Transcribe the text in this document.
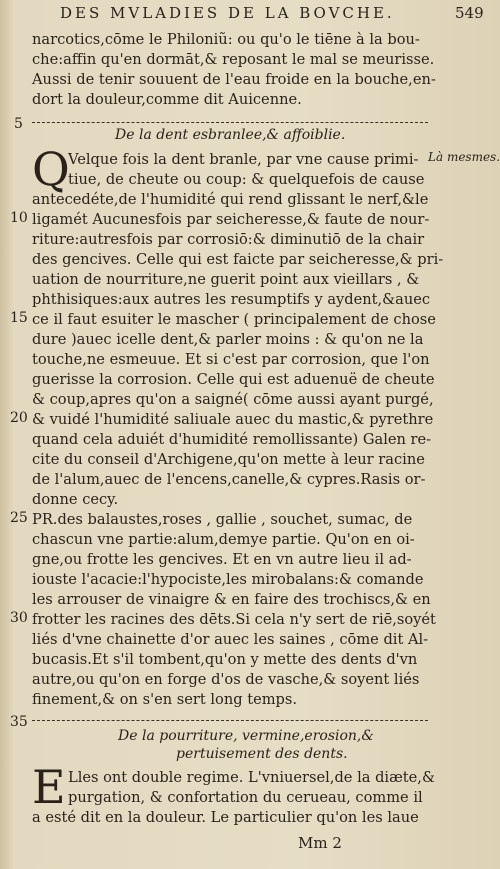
DES MVLADIES DE LA BOVCHE.	549
narcotics,cōme le Philoniũ: ou qu'o le tiēne à la bou-
che:affin qu'en dormāt,& reposant le mal se meurisse.
Aussi de tenir souuent de l'eau froide en la bouche,en-
dort la douleur,comme dit Auicenne.
5
De la dent esbranlee,& affoiblie.
Là mesmes.
Q
Velque fois la dent branle, par vne cause primi-
tiue, de cheute ou coup: & quelquefois de cause
antecedéte,de l'humidité qui rend glissant le nerf,&le
10 ligamét Aucunesfois par seicheresse,& faute de nour-
riture:autresfois par corrosiō:& diminutiō de la chair
des gencives. Celle qui est faicte par seicheresse,& pri-
uation de nourriture,ne guerit point aux vieillars , &
phthisiques:aux autres les resumptifs y aydent,&auec
15 ce il faut esuiter le mascher ( principalement de chose
dure )auec icelle dent,& parler moins : & qu'on ne la
touche,ne esmeuue. Et si c'est par corrosion, que l'on
guerisse la corrosion. Celle qui est aduenuë de cheute
& coup,apres qu'on a saigné( cōme aussi ayant purgé,
20 & vuidé l'humidité saliuale auec du mastic,& pyrethre
quand cela aduiét d'humidité remollissante) Galen re-
cite du conseil d'Archigene,qu'on mette à leur racine
de l'alum,auec de l'encens,canelle,& cypres.Rasis or-
donne cecy.
25 PR.des balaustes,roses , gallie , souchet, sumac, de
chascun vne partie:alum,demye partie. Qu'on en oi-
gne,ou frotte les gencives. Et en vn autre lieu il ad-
iouste l'acacie:l'hypociste,les mirobalans:& comande
les arrouser de vinaigre & en faire des trochiscs,& en
30 frotter les racines des dēts.Si cela n'y sert de riē,soyét
liés d'vne chainette d'or auec les saines , cōme dit Al-
bucasis.Et s'il tombent,qu'on y mette des dents d'vn
autre,ou qu'on en forge d'os de vasche,& soyent liés
finement,& on s'en sert long temps.
35
De la pourriture, vermine,erosion,&
pertuisement des dents.
E Lles ont double regime. L'vniuersel,de la diæte,&
purgation, & confortation du cerueau, comme il
a esté dit en la douleur. Le particulier qu'on les laue
Mm 2
